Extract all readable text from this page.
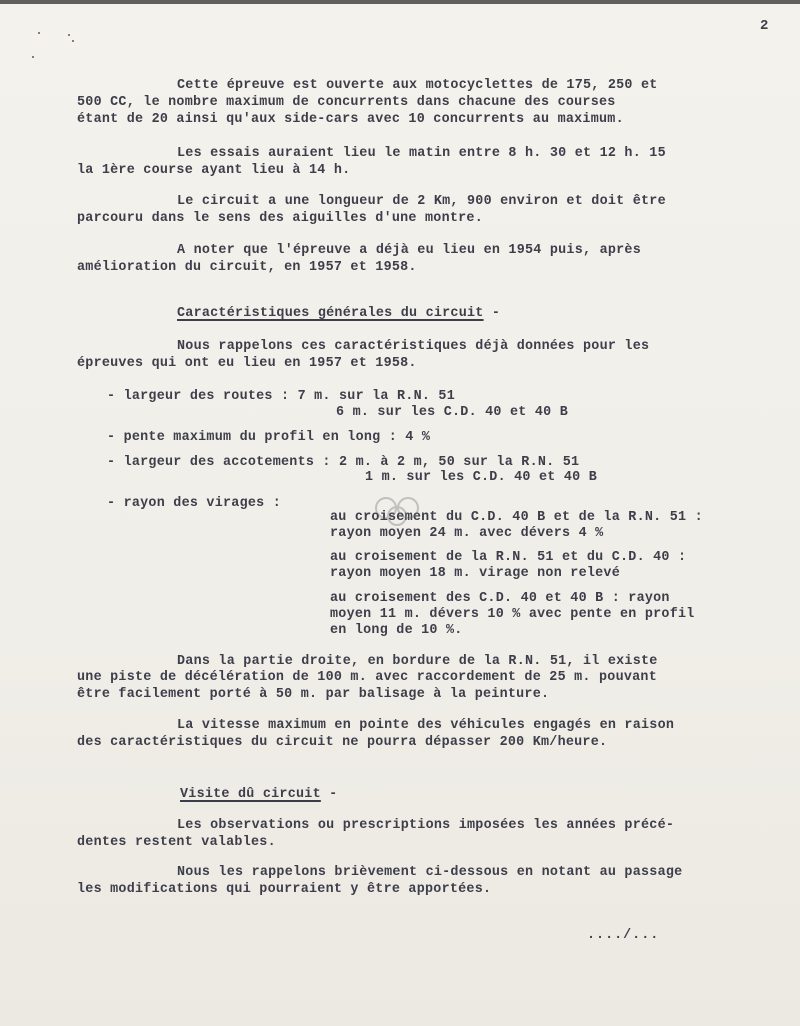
2
Cette épreuve est ouverte aux motocyclettes de 175, 250 et
500 CC, le nombre maximum de concurrents dans chacune des courses
étant de 20 ainsi qu'aux side-cars avec 10 concurrents au maximum.
Les essais auraient lieu le matin entre 8 h. 30 et 12 h. 15
la 1ère course ayant lieu à 14 h.
Le circuit a une longueur de 2 Km, 900 environ et doit être
parcouru dans le sens des aiguilles d'une montre.
A noter que l'épreuve a déjà eu lieu en 1954 puis, après
amélioration du circuit, en 1957 et 1958.
Caractéristiques générales du circuit -
Nous rappelons ces caractéristiques déjà données pour les
épreuves qui ont eu lieu en 1957 et 1958.
- largeur des routes : 7 m. sur la R.N. 51
6 m. sur les C.D. 40 et 40 B
- pente maximum du profil en long : 4 %
- largeur des accotements : 2 m. à 2 m, 50 sur la R.N. 51
1 m. sur les C.D. 40 et 40 B
- rayon des virages :
au croisement du C.D. 40 B et de la R.N. 51 :
rayon moyen 24 m. avec dévers 4 %
au croisement de la R.N. 51 et du C.D. 40 :
rayon moyen 18 m. virage non relevé
au croisement des C.D. 40 et 40 B : rayon
moyen 11 m. dévers 10 % avec pente en profil
en long de 10 %.
Dans la partie droite, en bordure de la R.N. 51, il existe
une piste de décélération de 100 m. avec raccordement de 25 m. pouvant
être facilement porté à 50 m. par balisage à la peinture.
La vitesse maximum en pointe des véhicules engagés en raison
des caractéristiques du circuit ne pourra dépasser 200 Km/heure.
Visite dû circuit -
Les observations ou prescriptions imposées les années précé-
dentes restent valables.
Nous les rappelons brièvement ci-dessous en notant au passage
les modifications qui pourraient y être apportées.
..../...
